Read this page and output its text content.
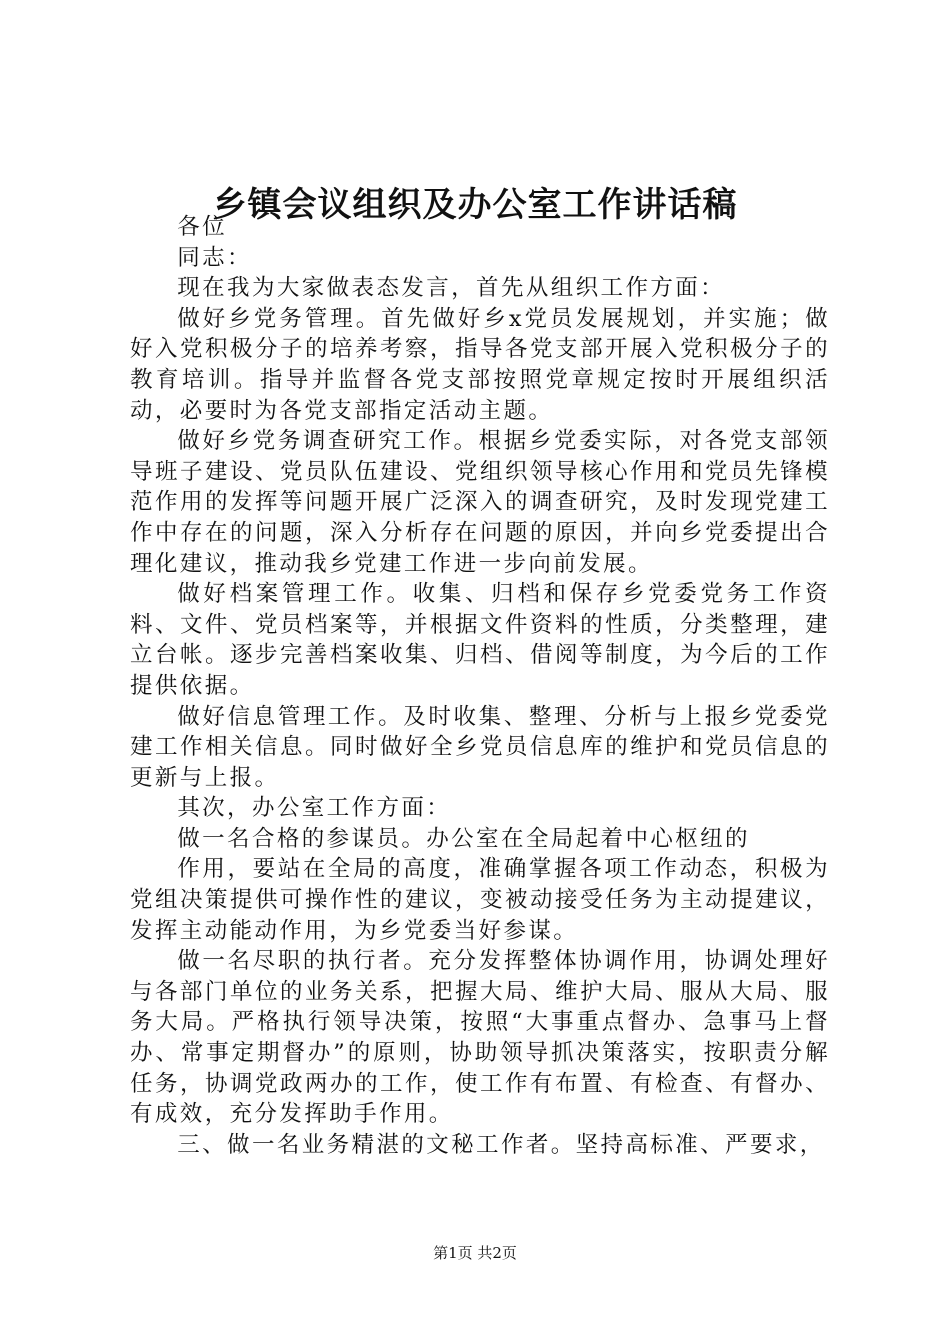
乡镇会议组织及办公室工作讲话稿

各位

同志：

现在我为大家做表态发言，首先从组织工作方面：

做好乡党务管理。首先做好乡x党员发展规划，并实施；做好入党积极分子的培养考察，指导各党支部开展入党积极分子的教育培训。指导并监督各党支部按照党章规定按时开展组织活动，必要时为各党支部指定活动主题。

做好乡党务调查研究工作。根据乡党委实际，对各党支部领导班子建设、党员队伍建设、党组织领导核心作用和党员先锋模范作用的发挥等问题开展广泛深入的调查研究，及时发现党建工作中存在的问题，深入分析存在问题的原因，并向乡党委提出合理化建议，推动我乡党建工作进一步向前发展。

做好档案管理工作。收集、归档和保存乡党委党务工作资料、文件、党员档案等，并根据文件资料的性质，分类整理，建立台帐。逐步完善档案收集、归档、借阅等制度，为今后的工作提供依据。

做好信息管理工作。及时收集、整理、分析与上报乡党委党建工作相关信息。同时做好全乡党员信息库的维护和党员信息的更新与上报。

其次，办公室工作方面：

做一名合格的参谋员。办公室在全局起着中心枢纽的

作用，要站在全局的高度，准确掌握各项工作动态，积极为党组决策提供可操作性的建议，变被动接受任务为主动提建议，发挥主动能动作用，为乡党委当好参谋。

做一名尽职的执行者。充分发挥整体协调作用，协调处理好与各部门单位的业务关系，把握大局、维护大局、服从大局、服务大局。严格执行领导决策，按照“大事重点督办、急事马上督办、常事定期督办”的原则，协助领导抓决策落实，按职责分解任务，协调党政两办的工作，使工作有布置、有检查、有督办、有成效，充分发挥助手作用。

三、做一名业务精湛的文秘工作者。坚持高标准、严要求，

第1页 共2页
